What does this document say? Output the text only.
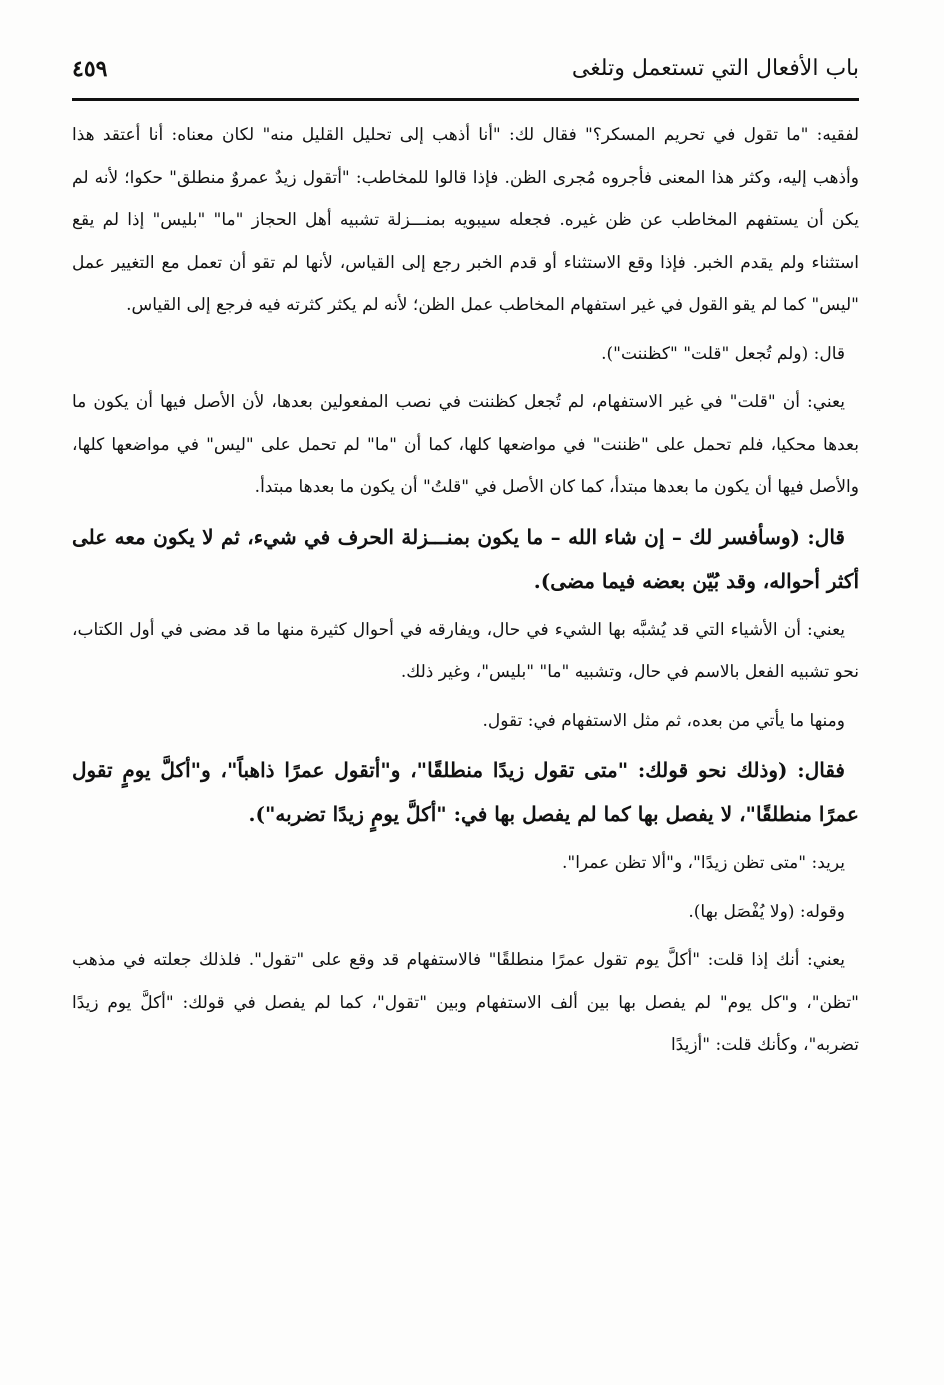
باب الأفعال التي تستعمل وتلغى
٤٥٩

لفقيه: "ما تقول في تحريم المسكر؟" فقال لك: "أنا أذهب إلى تحليل القليل منه" لكان معناه: أنا أعتقد هذا وأذهب إليه، وكثر هذا المعنى فأجروه مُجرى الظن. فإذا قالوا للمخاطب: "أتقول زيدٌ عمروٌ منطلق" حكوا؛ لأنه لم يكن أن يستفهم المخاطب عن ظن غيره. فجعله سيبويه بمنـــزلة تشبيه أهل الحجاز "ما" "بليس" إذا لم يقع استثناء ولم يقدم الخبر. فإذا وقع الاستثناء أو قدم الخبر رجع إلى القياس، لأنها لم تقو أن تعمل مع التغيير عمل "ليس" كما لم يقو القول في غير استفهام المخاطب عمل الظن؛ لأنه لم يكثر كثرته فيه فرجع إلى القياس.

قال: (ولم تُجعل "قلت" "كظننت").

يعني: أن "قلت" في غير الاستفهام، لم تُجعل كظننت في نصب المفعولين بعدها، لأن الأصل فيها أن يكون ما بعدها محكيا، فلم تحمل على "ظننت" في مواضعها كلها، كما أن "ما" لم تحمل على "ليس" في مواضعها كلها، والأصل فيها أن يكون ما بعدها مبتدأ، كما كان الأصل في "قلتُ" أن يكون ما بعدها مبتدأ.

قال: (وسأفسر لك – إن شاء الله – ما يكون بمنـــزلة الحرف في شيء، ثم لا يكون معه على أكثر أحواله، وقد بُيّن بعضه فيما مضى).

يعني: أن الأشياء التي قد يُشبَّه بها الشيء في حال، ويفارقه في أحوال كثيرة منها ما قد مضى في أول الكتاب، نحو تشبيه الفعل بالاسم في حال، وتشبيه "ما" "بليس"، وغير ذلك.

ومنها ما يأتي من بعده، ثم مثل الاستفهام في: تقول.

فقال: (وذلك نحو قولك: "متى تقول زيدًا منطلقًا"، و"أتقول عمرًا ذاهباً"، و"أكلَّ يومٍ تقول عمرًا منطلقًا"، لا يفصل بها كما لم يفصل بها في: "أكلَّ يومٍ زيدًا تضربه").

يريد: "متى تظن زيدًا"، و"ألا تظن عمرا".

وقوله: (ولا يُفْصَل بها).

يعني: أنك إذا قلت: "أكلَّ يوم تقول عمرًا منطلقًا" فالاستفهام قد وقع على "تقول". فلذلك جعلته في مذهب "تظن"، و"كل يوم" لم يفصل بها بين ألف الاستفهام وبين "تقول"، كما لم يفصل في قولك: "أكلَّ يوم زيدًا تضربه"، وكأنك قلت: "أزيدًا
